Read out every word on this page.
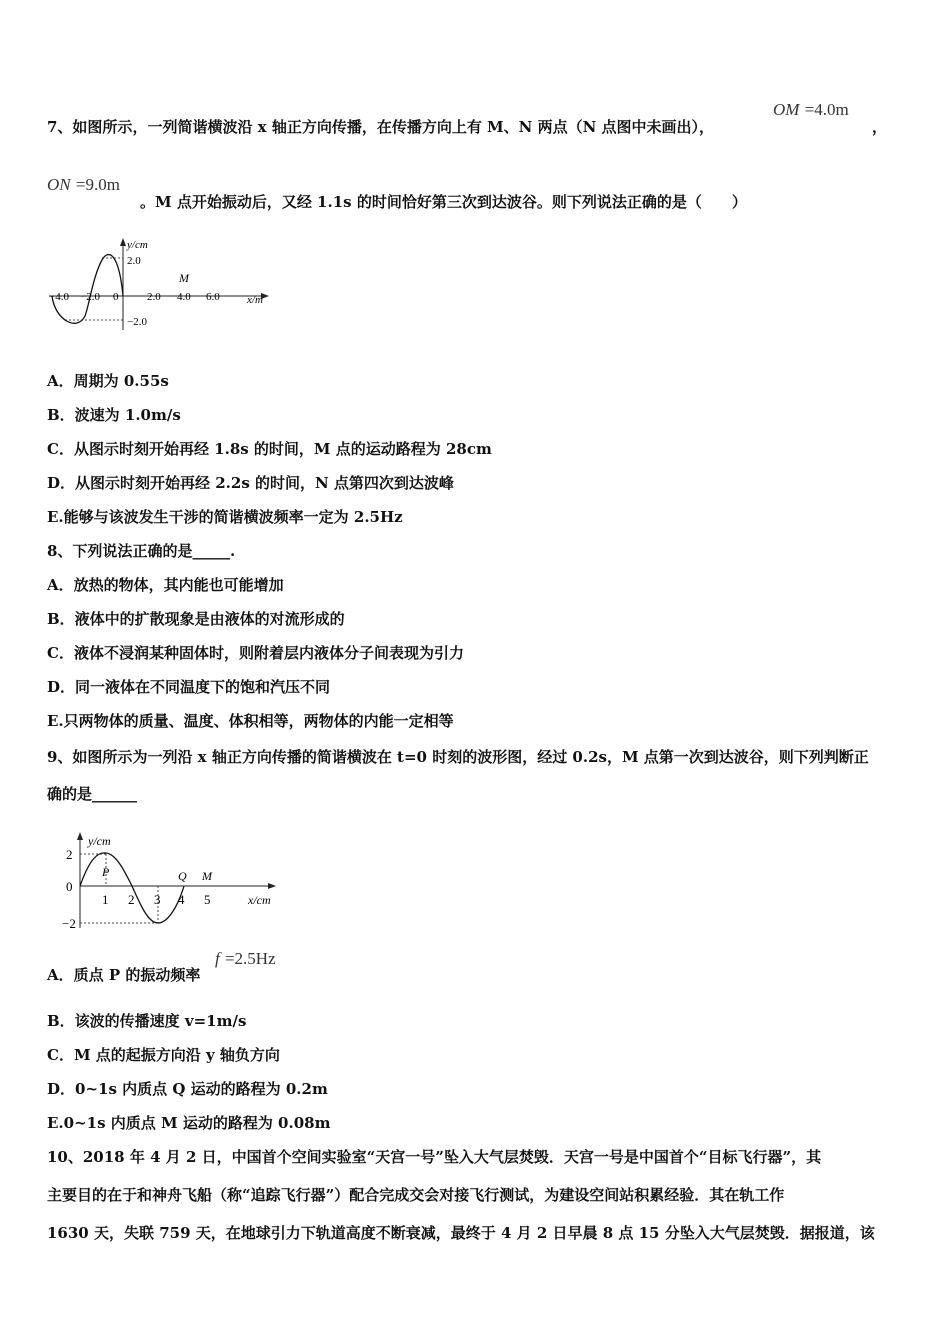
7、如图所示，一列简谐横波沿 x 轴正方向传播，在传播方向上有 M、N 两点（N 点图中未画出），
OM =4.0m
，
ON =9.0m
。M 点开始振动后，又经 1.1s 的时间恰好第三次到达波谷。则下列说法正确的是（　　）
y/cm
2.0
−2.0
x/m
M
−4.0 −2.0 0	2.0 4.0 6.0
A．周期为 0.55s
B．波速为 1.0m/s
C．从图示时刻开始再经 1.8s 的时间，M 点的运动路程为 28cm
D．从图示时刻开始再经 2.2s 的时间，N 点第四次到达波峰
E.能够与该波发生干涉的简谐横波频率一定为 2.5Hz
8、下列说法正确的是_____.
A．放热的物体，其内能也可能增加
B．液体中的扩散现象是由液体的对流形成的
C．液体不浸润某种固体时，则附着层内液体分子间表现为引力
D．同一液体在不同温度下的饱和汽压不同
E.只两物体的质量、温度、体积相等，两物体的内能一定相等
9、如图所示为一列沿 x 轴正方向传播的简谐横波在 t=0 时刻的波形图，经过 0.2s，M 点第一次到达波谷，则下列判断正
确的是______
y/cm
2
0
−2
P	Q M
1 2 3 4 5	x/cm
A．质点 P 的振动频率
f =2.5Hz
B．该波的传播速度 v=1m/s
C．M 点的起振方向沿 y 轴负方向
D．0~1s 内质点 Q 运动的路程为 0.2m
E.0~1s 内质点 M 运动的路程为 0.08m
10、2018 年 4 月 2 日，中国首个空间实验室“天宫一号”坠入大气层焚毁．天宫一号是中国首个“目标飞行器”，其
主要目的在于和神舟飞船（称“追踪飞行器”）配合完成交会对接飞行测试，为建设空间站积累经验．其在轨工作
1630 天，失联 759 天，在地球引力下轨道高度不断衰减，最终于 4 月 2 日早晨 8 点 15 分坠入大气层焚毁．据报道，该
